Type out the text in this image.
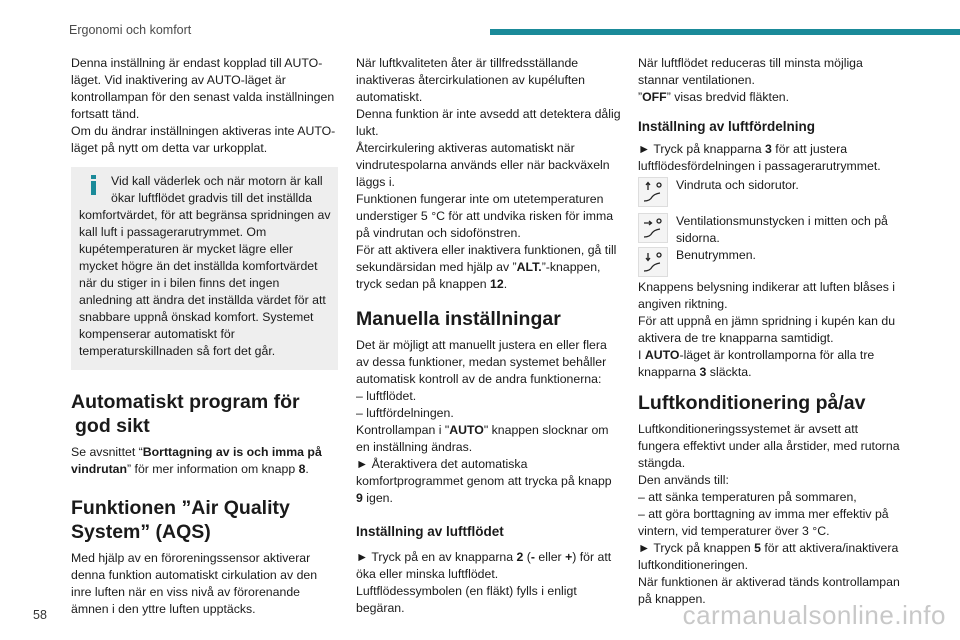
Ergonomi och komfort

Denna inställning är endast kopplad till AUTO-läget. Vid inaktivering av AUTO-läget är kontrollampan för den senast valda inställningen fortsatt tänd.

Om du ändrar inställningen aktiveras inte AUTO-läget på nytt om detta var urkopplat.

Vid kall väderlek och när motorn är kall ökar luftflödet gradvis till det inställda komfortvärdet, för att begränsa spridningen av kall luft i passagerarutrymmet. Om kupétemperaturen är mycket lägre eller mycket högre än det inställda komfortvärdet när du stiger in i bilen finns det ingen anledning att ändra det inställda värdet för att snabbare uppnå önskad komfort. Systemet kompenserar automatiskt för temperaturskillnaden så fort det går.

Automatiskt program för god sikt

Se avsnittet “Borttagning av is och imma på vindrutan” för mer information om knapp 8.

Funktionen ”Air Quality System” (AQS)

Med hjälp av en föroreningssensor aktiverar denna funktion automatiskt cirkulation av den inre luften när en viss nivå av förorenande ämnen i den yttre luften upptäcks.

När luftkvaliteten åter är tillfredsställande inaktiveras återcirkulationen av kupéluften automatiskt.

Denna funktion är inte avsedd att detektera dålig lukt.

Återcirkulering aktiveras automatiskt när vindrutespolarna används eller när backväxeln läggs i.

Funktionen fungerar inte om utetemperaturen understiger 5 °C för att undvika risken för imma på vindrutan och sidofönstren.

För att aktivera eller inaktivera funktionen, gå till sekundärsidan med hjälp av ”ALT.”-knappen, tryck sedan på knappen 12.

Manuella inställningar

Det är möjligt att manuellt justera en eller flera av dessa funktioner, medan systemet behåller automatisk kontroll av de andra funktionerna:

– luftflödet.

– luftfördelningen.

Kontrollampan i "AUTO" knappen slocknar om en inställning ändras.

► Återaktivera det automatiska komfortprogrammet genom att trycka på knapp 9 igen.

Inställning av luftflödet

► Tryck på en av knapparna 2 (- eller +) för att öka eller minska luftflödet.

Luftflödessymbolen (en fläkt) fylls i enligt begäran.

När luftflödet reduceras till minsta möjliga stannar ventilationen.

”OFF” visas bredvid fläkten.

Inställning av luftfördelning

► Tryck på knapparna 3 för att justera luftflödesfördelningen i passagerarutrymmet.

Vindruta och sidorutor.
Ventilationsmunstycken i mitten och på sidorna.
Benutrymmen.

Knappens belysning indikerar att luften blåses i angiven riktning.

För att uppnå en jämn spridning i kupén kan du aktivera de tre knapparna samtidigt.

I AUTO-läget är kontrollamporna för alla tre knapparna 3 släckta.

Luftkonditionering på/av

Luftkonditioneringssystemet är avsett att fungera effektivt under alla årstider, med rutorna stängda.

Den används till:

– att sänka temperaturen på sommaren,

– att göra borttagning av imma mer effektiv på vintern, vid temperaturer över 3 °C.

► Tryck på knappen 5 för att aktivera/inaktivera luftkonditioneringen.

När funktionen är aktiverad tänds kontrollampan på knappen.

58	carmanualsonline.info
